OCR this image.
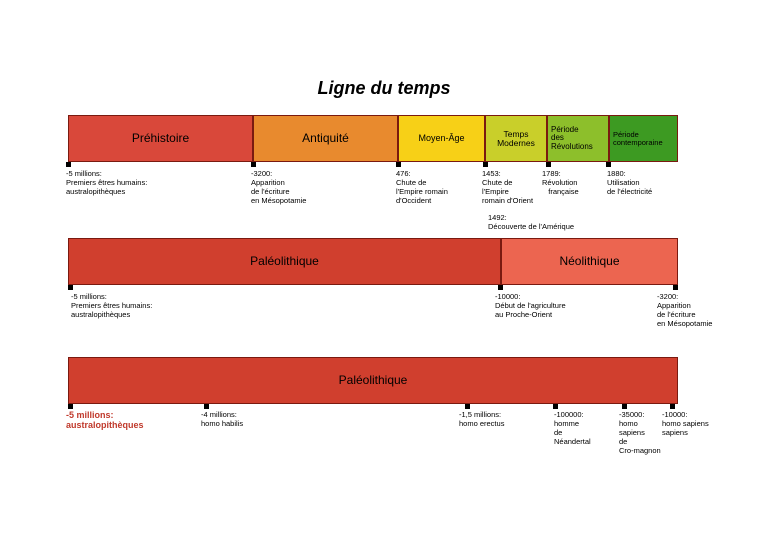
Ligne du temps
Préhistoire	Antiquité	Moyen-Âge	Temps
Modernes
Période
des
Révolutions
Période
contemporaine
-5 millions:
Premiers êtres humains:
australopithèques
-3200:
Apparition
de l'écriture
en Mésopotamie
476:
Chute de
l'Empire romain
d'Occident
1453:
Chute de
l'Empire
romain d'Orient
1789:
Révolution
française
1880:
Utilisation
de l'électricité
1492:
Découverte de l'Amérique
Paléolithique	Néolithique
-5 millions:
Premiers êtres humains:
australopithèques
-10000:
Début de l'agriculture
au Proche-Orient
-3200:
Apparition
de l'écriture
en Mésopotamie
Paléolithique
-5 millions:
australopithèques
-4 millions:
homo habilis
-1,5 millions:
homo erectus
-100000:
homme
de
Néandertal
-35000:
homo
sapiens
de
Cro-magnon
-10000:
homo sapiens
sapiens
